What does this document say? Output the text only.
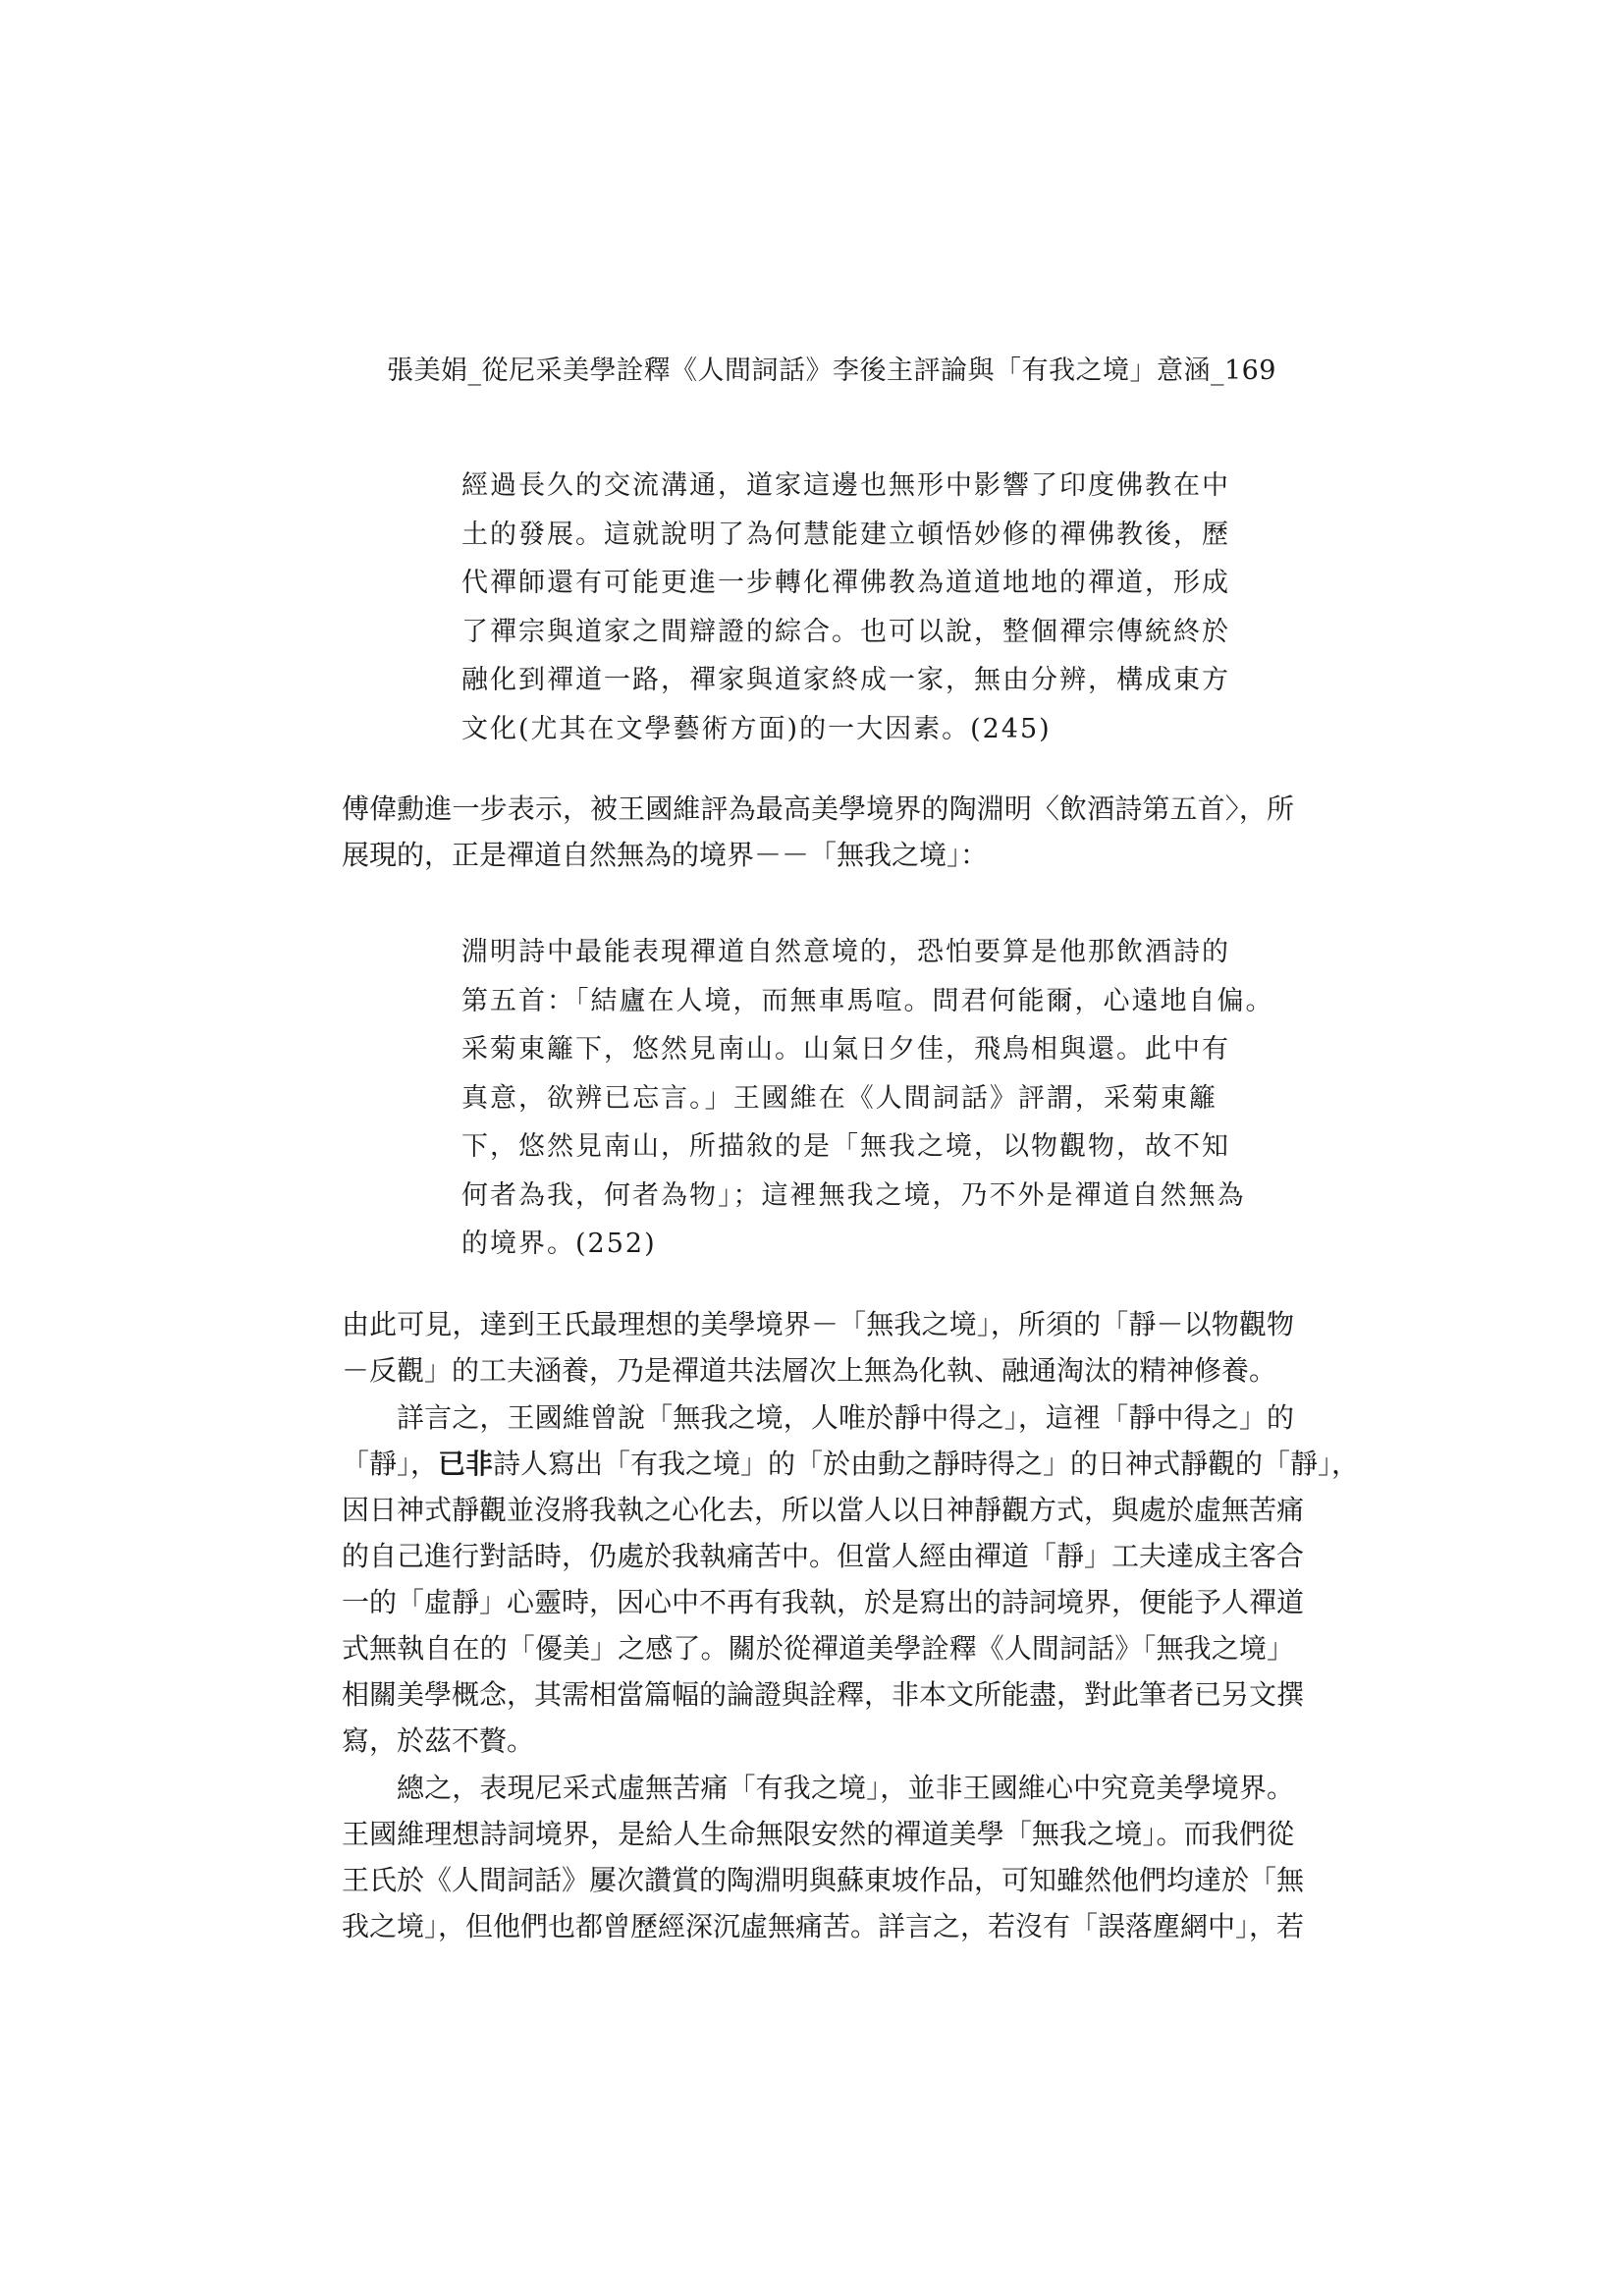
張美娟_從尼采美學詮釋《人間詞話》李後主評論與「有我之境」意涵_169
經過長久的交流溝通，道家這邊也無形中影響了印度佛教在中
土的發展。這就說明了為何慧能建立頓悟妙修的禪佛教後，歷
代禪師還有可能更進一步轉化禪佛教為道道地地的禪道，形成
了禪宗與道家之間辯證的綜合。也可以說，整個禪宗傳統終於
融化到禪道一路，禪家與道家終成一家，無由分辨，構成東方
文化(尤其在文學藝術方面)的一大因素。(245)
傅偉勳進一步表示，被王國維評為最高美學境界的陶淵明〈飲酒詩第五首〉，所
展現的，正是禪道自然無為的境界－－「無我之境」：
淵明詩中最能表現禪道自然意境的，恐怕要算是他那飲酒詩的
第五首：「結廬在人境，而無車馬喧。問君何能爾，心遠地自偏。
采菊東籬下，悠然見南山。山氣日夕佳，飛鳥相與還。此中有
真意，欲辨已忘言。」王國維在《人間詞話》評謂，采菊東籬
下，悠然見南山，所描敘的是「無我之境，以物觀物，故不知
何者為我，何者為物」；這裡無我之境，乃不外是禪道自然無為
的境界。(252)
由此可見，達到王氏最理想的美學境界－「無我之境」，所須的「靜－以物觀物
－反觀」的工夫涵養，乃是禪道共法層次上無為化執、融通淘汰的精神修養。
詳言之，王國維曾說「無我之境，人唯於靜中得之」，這裡「靜中得之」的
「靜」，已非詩人寫出「有我之境」的「於由動之靜時得之」的日神式靜觀的「靜」，
因日神式靜觀並沒將我執之心化去，所以當人以日神靜觀方式，與處於虛無苦痛
的自己進行對話時，仍處於我執痛苦中。但當人經由禪道「靜」工夫達成主客合
一的「虛靜」心靈時，因心中不再有我執，於是寫出的詩詞境界，便能予人禪道
式無執自在的「優美」之感了。關於從禪道美學詮釋《人間詞話》「無我之境」
相關美學概念，其需相當篇幅的論證與詮釋，非本文所能盡，對此筆者已另文撰
寫，於茲不贅。
總之，表現尼采式虛無苦痛「有我之境」，並非王國維心中究竟美學境界。
王國維理想詩詞境界，是給人生命無限安然的禪道美學「無我之境」。而我們從
王氏於《人間詞話》屢次讚賞的陶淵明與蘇東坡作品，可知雖然他們均達於「無
我之境」，但他們也都曾歷經深沉虛無痛苦。詳言之，若沒有「誤落塵網中」，若
